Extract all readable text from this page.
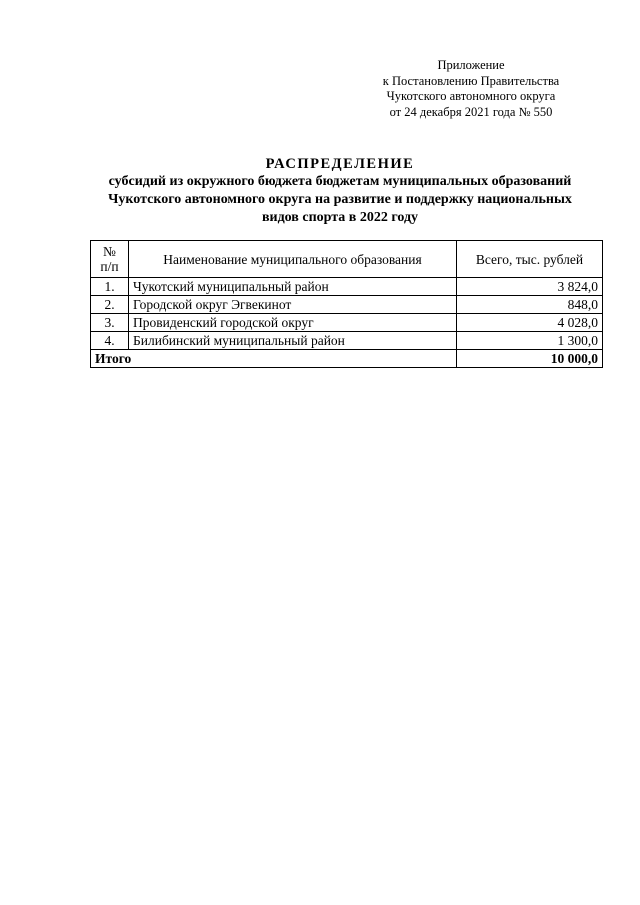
Приложение
к Постановлению Правительства
Чукотского автономного округа
от 24 декабря 2021 года № 550
РАСПРЕДЕЛЕНИЕ
субсидий из окружного бюджета бюджетам муниципальных образований
Чукотского автономного округа на развитие и поддержку национальных
видов спорта в 2022 году
№
п/п	Наименование муниципального образования	Всего, тыс. рублей
1.	Чукотский муниципальный район	3 824,0
2.	Городской округ Эгвекинот	848,0
3.	Провиденский городской округ	4 028,0
4.	Билибинский муниципальный район	1 300,0
Итого		10 000,0
